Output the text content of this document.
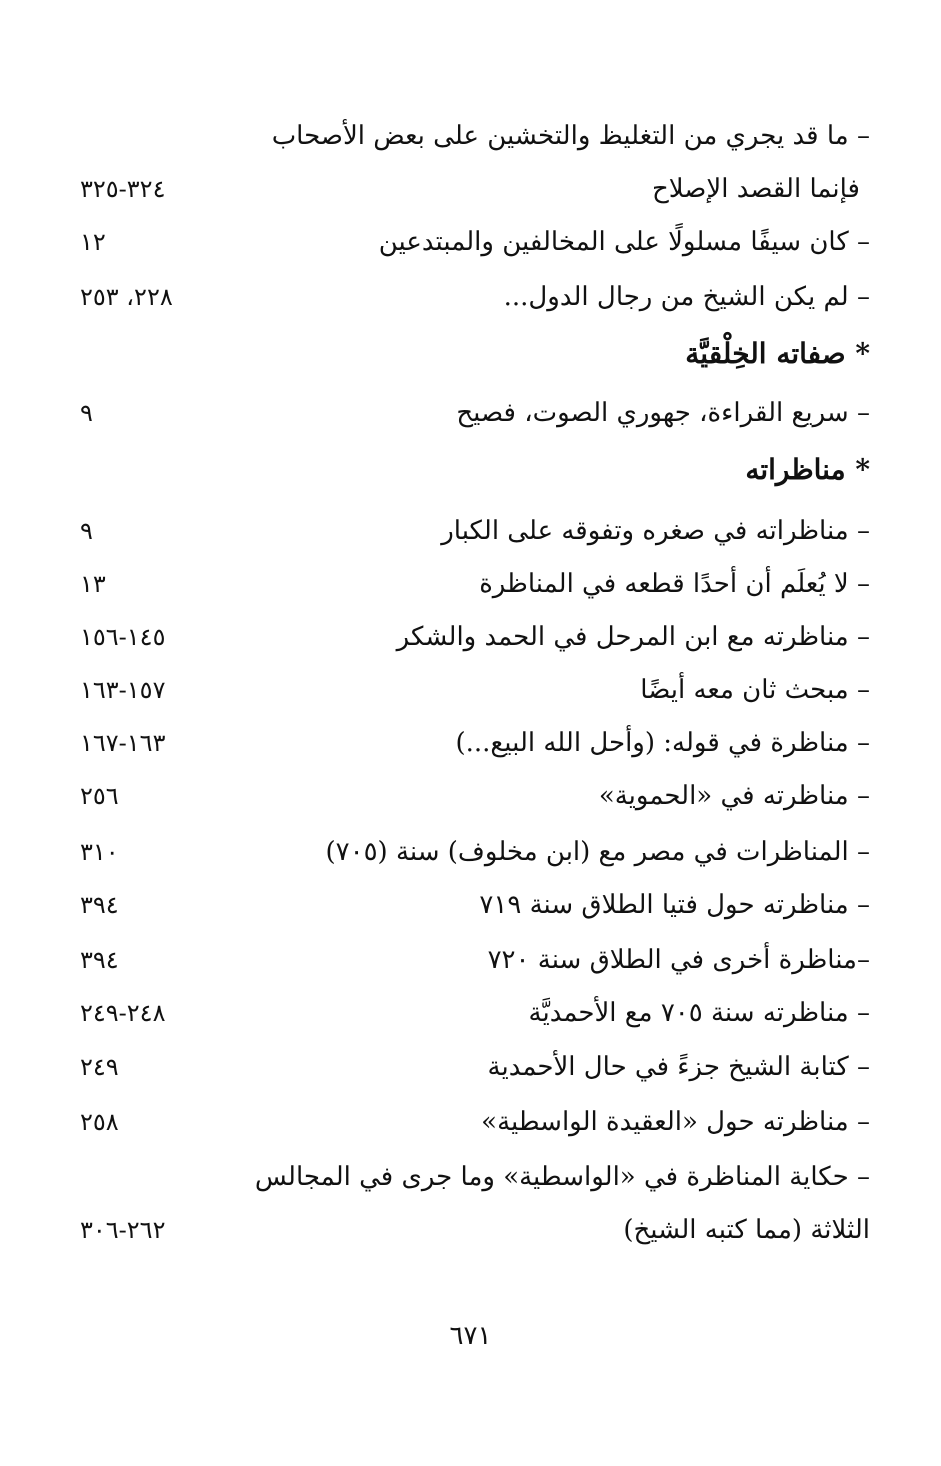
– ما قد يجري من التغليظ والتخشين على بعض الأصحاب
فإنما القصد الإصلاح
٣٢٤-٣٢٥
– كان سيفًا مسلولًا على المخالفين والمبتدعين
١٢
– لم يكن الشيخ من رجال الدول...
٢٢٨، ٢٥٣
* صفاته الخِلْقيَّة
– سريع القراءة، جهوري الصوت، فصيح
٩
* مناظراته
– مناظراته في صغره وتفوقه على الكبار
٩
– لا يُعلَم أن أحدًا قطعه في المناظرة
١٣
– مناظرته مع ابن المرحل في الحمد والشكر
١٤٥-١٥٦
– مبحث ثان معه أيضًا
١٥٧-١٦٣
– مناظرة في قوله: (وأحل الله البيع...)
١٦٣-١٦٧
– مناظرته في «الحموية»
٢٥٦
– المناظرات في مصر مع (ابن مخلوف) سنة (٧٠٥)
٣١٠
– مناظرته حول فتيا الطلاق سنة ٧١٩
٣٩٤
–مناظرة أخرى في الطلاق سنة ٧٢٠
٣٩٤
– مناظرته سنة ٧٠٥ مع الأحمديَّة
٢٤٨-٢٤٩
– كتابة الشيخ جزءً في حال الأحمدية
٢٤٩
– مناظرته حول «العقيدة الواسطية»
٢٥٨
– حكاية المناظرة في «الواسطية» وما جرى في المجالس
الثلاثة (مما كتبه الشيخ)
٢٦٢-٣٠٦
٦٧١
